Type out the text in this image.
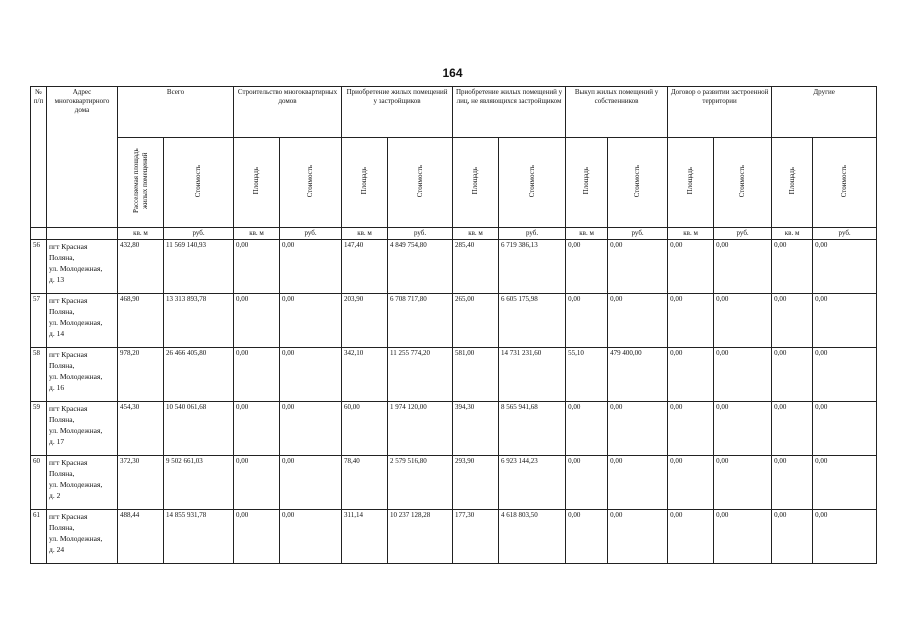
164
№ п/п	Адрес многоквартирного дома	Всего		Строительство многоквартирных домов		Приобретение жилых помещений у застройщиков		Приобретение жилых помещений у лиц, не являющихся застройщиком		Выкуп жилых помещений у собственников		Договор о развитии застроенной территории		Другие	
		Расселяемая площадь жилых помещений	Стоимость	Площадь	Стоимость	Площадь	Стоимость	Площадь	Стоимость	Площадь	Стоимость	Площадь	Стоимость	Площадь	Стоимость
		кв. м	руб.	кв. м	руб.	кв. м	руб.	кв. м	руб.	кв. м	руб.	кв. м	руб.	кв. м	руб.
56	пгт Красная
Поляна,
ул. Молодежная,
д. 13	432,80	11 569 140,93	0,00	0,00	147,40	4 849 754,80	285,40	6 719 386,13	0,00	0,00	0,00	0,00	0,00	0,00
57	пгт Красная
Поляна,
ул. Молодежная,
д. 14	468,90	13 313 893,78	0,00	0,00	203,90	6 708 717,80	265,00	6 605 175,98	0,00	0,00	0,00	0,00	0,00	0,00
58	пгт Красная
Поляна,
ул. Молодежная,
д. 16	978,20	26 466 405,80	0,00	0,00	342,10	11 255 774,20	581,00	14 731 231,60	55,10	479 400,00	0,00	0,00	0,00	0,00
59	пгт Красная
Поляна,
ул. Молодежная,
д. 17	454,30	10 540 061,68	0,00	0,00	60,00	1 974 120,00	394,30	8 565 941,68	0,00	0,00	0,00	0,00	0,00	0,00
60	пгт Красная
Поляна,
ул. Молодежная,
д. 2	372,30	9 502 661,03	0,00	0,00	78,40	2 579 516,80	293,90	6 923 144,23	0,00	0,00	0,00	0,00	0,00	0,00
61	пгт Красная
Поляна,
ул. Молодежная,
д. 24	488,44	14 855 931,78	0,00	0,00	311,14	10 237 128,28	177,30	4 618 803,50	0,00	0,00	0,00	0,00	0,00	0,00
